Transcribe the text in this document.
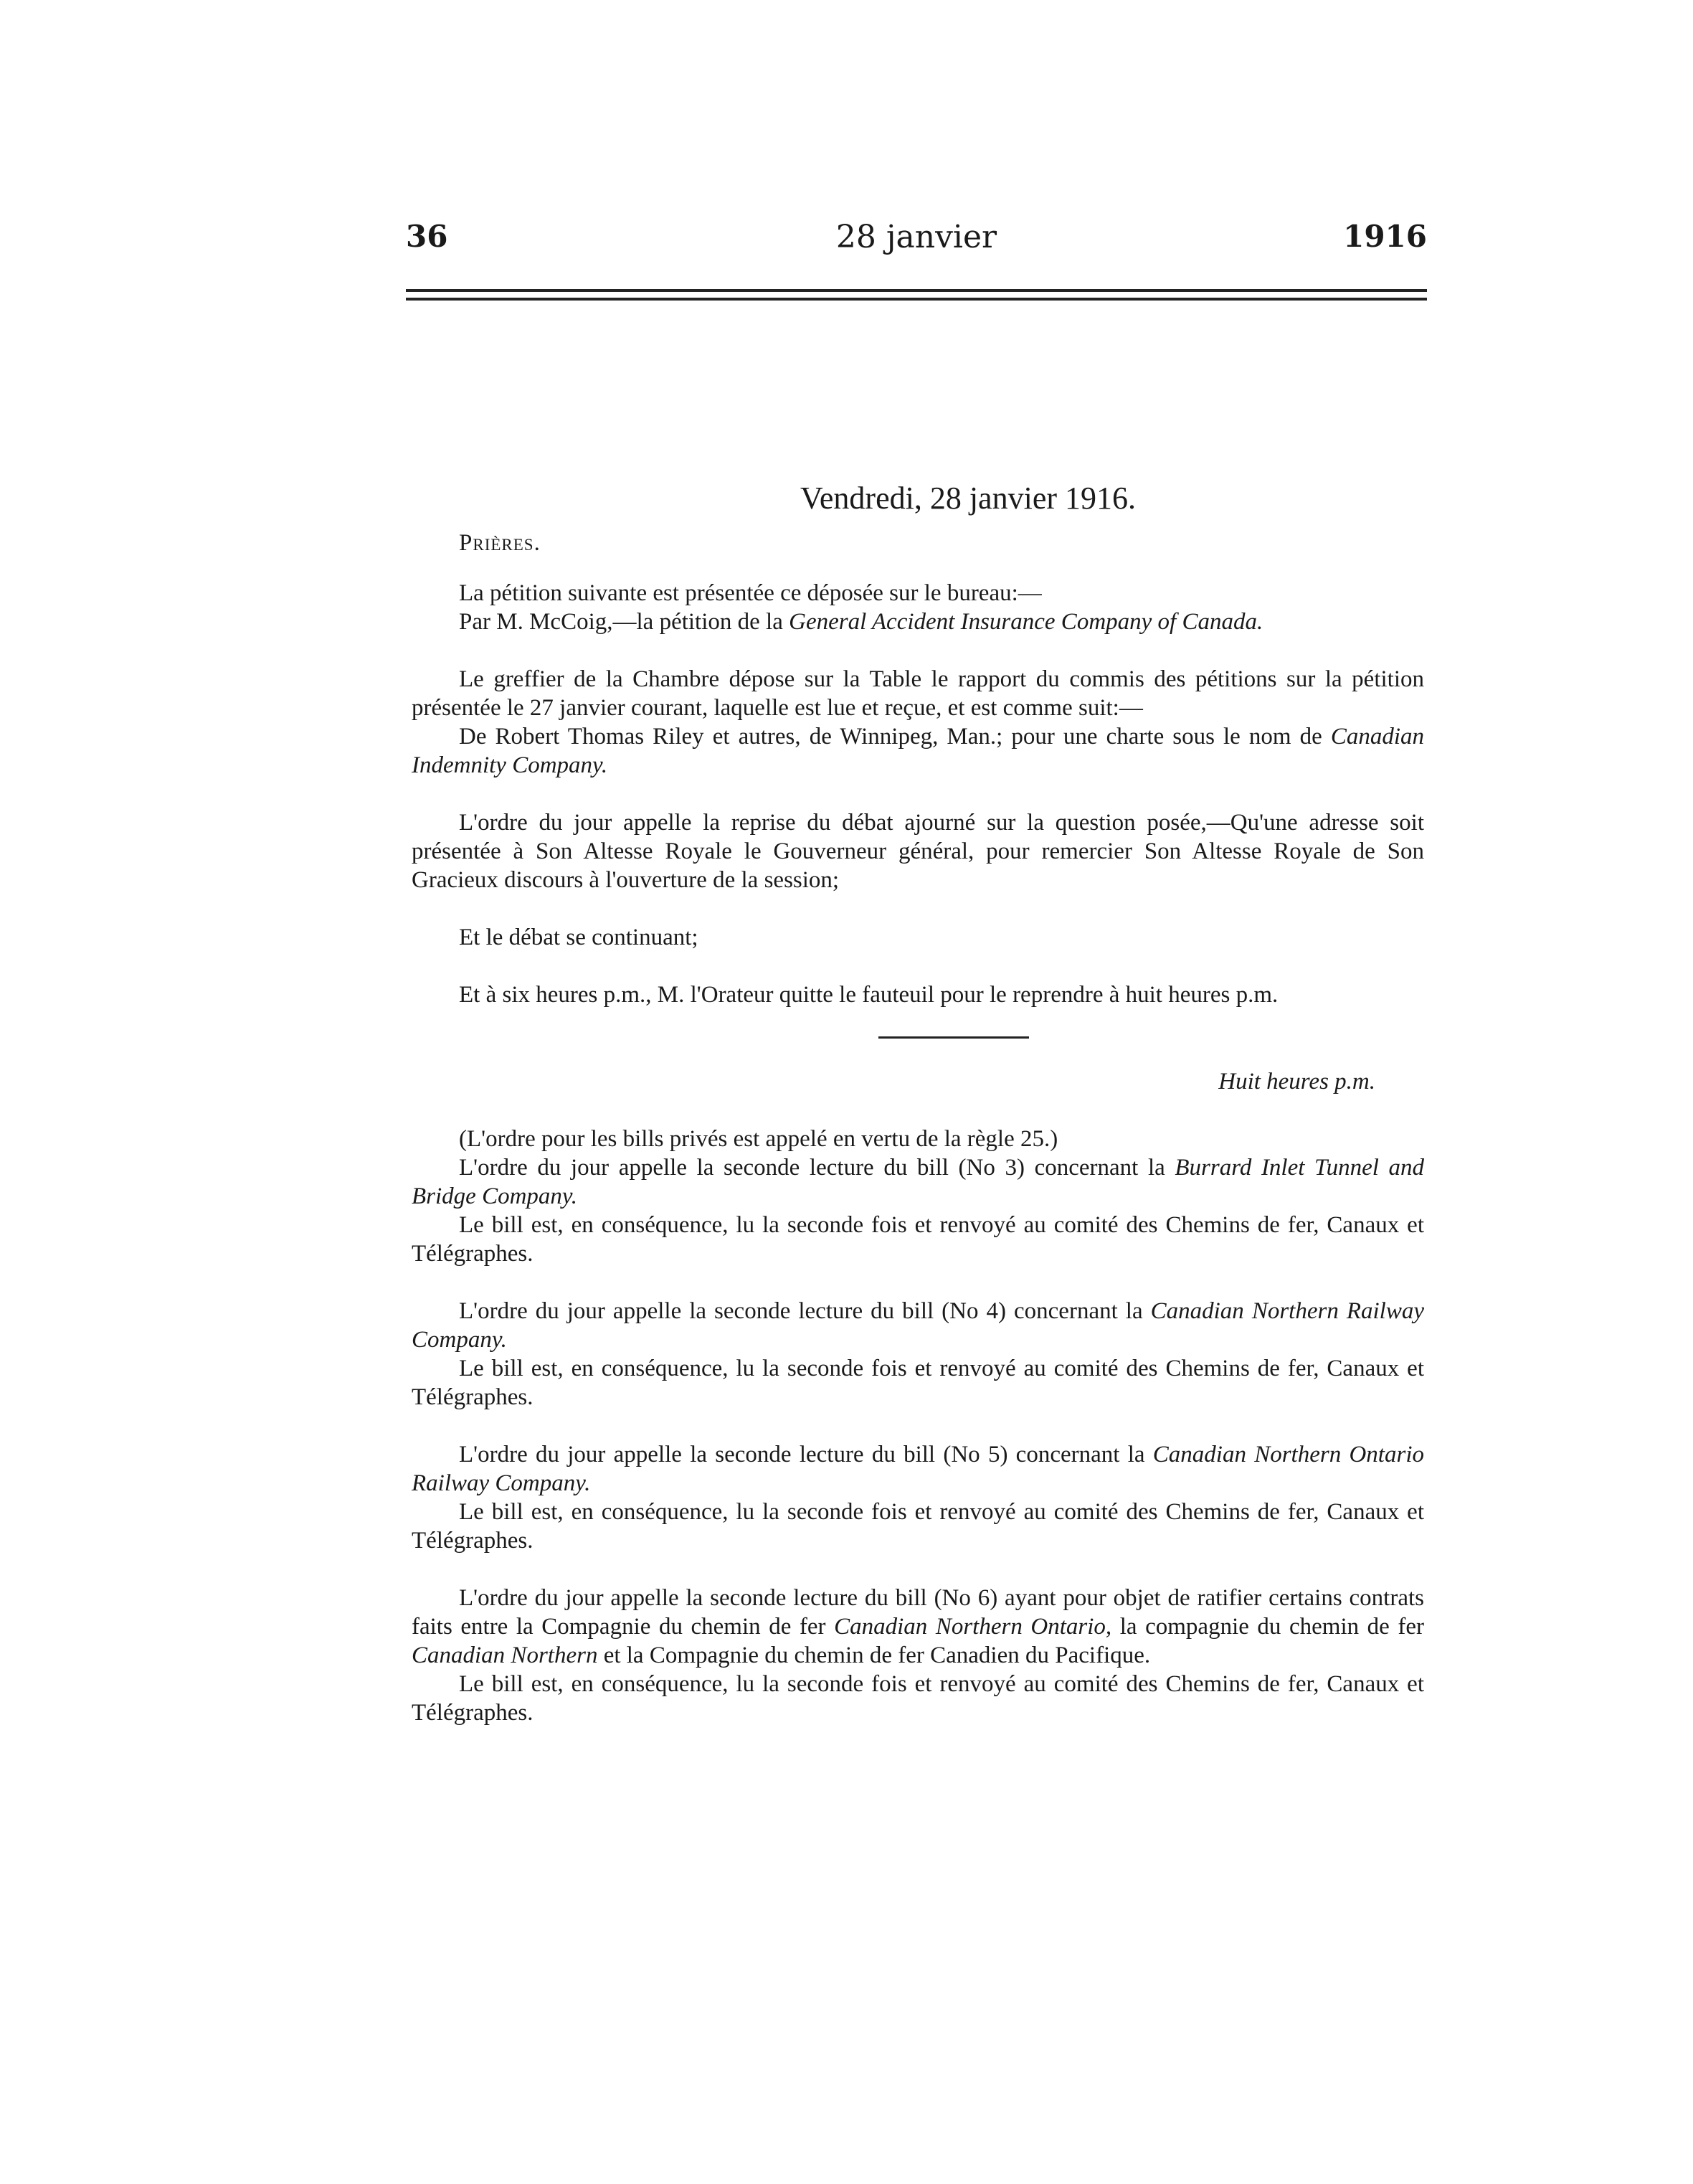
36	28 janvier	1916
Vendredi, 28 janvier 1916.
Prières.

La pétition suivante est présentée ce déposée sur le bureau:—

Par M. McCoig,—la pétition de la General Accident Insurance Company of Canada.

Le greffier de la Chambre dépose sur la Table le rapport du commis des pétitions sur la pétition présentée le 27 janvier courant, laquelle est lue et reçue, et est comme suit:—

De Robert Thomas Riley et autres, de Winnipeg, Man.; pour une charte sous le nom de Canadian Indemnity Company.

L'ordre du jour appelle la reprise du débat ajourné sur la question posée,—Qu'une adresse soit présentée à Son Altesse Royale le Gouverneur général, pour remercier Son Altesse Royale de Son Gracieux discours à l'ouverture de la session;

Et le débat se continuant;

Et à six heures p.m., M. l'Orateur quitte le fauteuil pour le reprendre à huit heures p.m.

Huit heures p.m.

(L'ordre pour les bills privés est appelé en vertu de la règle 25.)

L'ordre du jour appelle la seconde lecture du bill (No 3) concernant la Burrard Inlet Tunnel and Bridge Company.

Le bill est, en conséquence, lu la seconde fois et renvoyé au comité des Chemins de fer, Canaux et Télégraphes.

L'ordre du jour appelle la seconde lecture du bill (No 4) concernant la Canadian Northern Railway Company.

Le bill est, en conséquence, lu la seconde fois et renvoyé au comité des Chemins de fer, Canaux et Télégraphes.

L'ordre du jour appelle la seconde lecture du bill (No 5) concernant la Canadian Northern Ontario Railway Company.

Le bill est, en conséquence, lu la seconde fois et renvoyé au comité des Chemins de fer, Canaux et Télégraphes.

L'ordre du jour appelle la seconde lecture du bill (No 6) ayant pour objet de ratifier certains contrats faits entre la Compagnie du chemin de fer Canadian Northern Ontario, la compagnie du chemin de fer Canadian Northern et la Compagnie du chemin de fer Canadien du Pacifique.

Le bill est, en conséquence, lu la seconde fois et renvoyé au comité des Chemins de fer, Canaux et Télégraphes.
